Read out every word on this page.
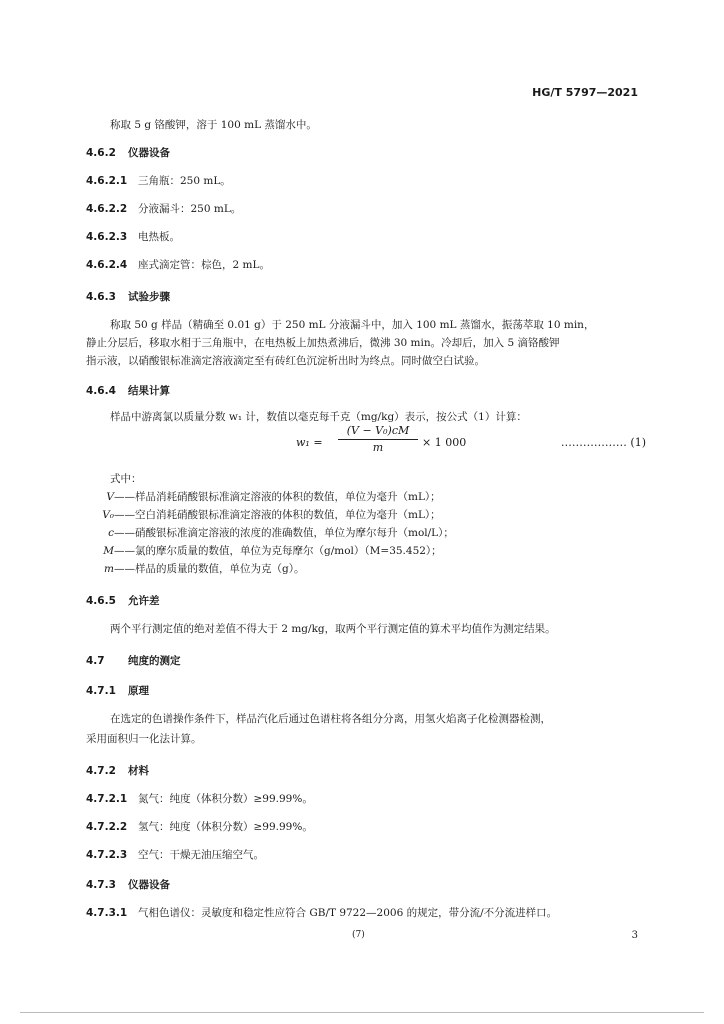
HG/T 5797—2021
称取 5 g 铬酸钾，溶于 100 mL 蒸馏水中。
4.6.2 仪器设备
4.6.2.1 三角瓶：250 mL。
4.6.2.2 分液漏斗：250 mL。
4.6.2.3 电热板。
4.6.2.4 座式滴定管：棕色，2 mL。
4.6.3 试验步骤
称取 50 g 样品（精确至 0.01 g）于 250 mL 分液漏斗中，加入 100 mL 蒸馏水，振荡萃取 10 min，
静止分层后，移取水相于三角瓶中，在电热板上加热煮沸后，微沸 30 min。冷却后，加入 5 滴铬酸钾
指示液，以硝酸银标准滴定溶液滴定至有砖红色沉淀析出时为终点。同时做空白试验。
4.6.4 结果计算
样品中游离氯以质量分数 w₁ 计，数值以毫克每千克（mg/kg）表示，按公式（1）计算：
$w_1 = \frac{\text{(V − V₀)cM}}{m} \times 1$ 000	……………… (1)
式中：
V——样品消耗硝酸银标准滴定溶液的体积的数值，单位为毫升（mL）；
V₀——空白消耗硝酸银标准滴定溶液的体积的数值，单位为毫升（mL）；
c——硝酸银标准滴定溶液的浓度的准确数值，单位为摩尔每升（mol/L）；
M——氯的摩尔质量的数值，单位为克每摩尔（g/mol）（M=35.452）；
m——样品的质量的数值，单位为克（g）。
4.6.5 允许差
两个平行测定值的绝对差值不得大于 2 mg/kg，取两个平行测定值的算术平均值作为测定结果。
4.7 纯度的测定
4.7.1 原理
在选定的色谱操作条件下，样品汽化后通过色谱柱将各组分分离，用氢火焰离子化检测器检测，
采用面积归一化法计算。
4.7.2 材料
4.7.2.1 氮气：纯度（体积分数）≥99.99%。
4.7.2.2 氢气：纯度（体积分数）≥99.99%。
4.7.2.3 空气：干燥无油压缩空气。
4.7.3 仪器设备
4.7.3.1 气相色谱仪：灵敏度和稳定性应符合 GB/T 9722—2006 的规定，带分流/不分流进样口。
(7)	3
